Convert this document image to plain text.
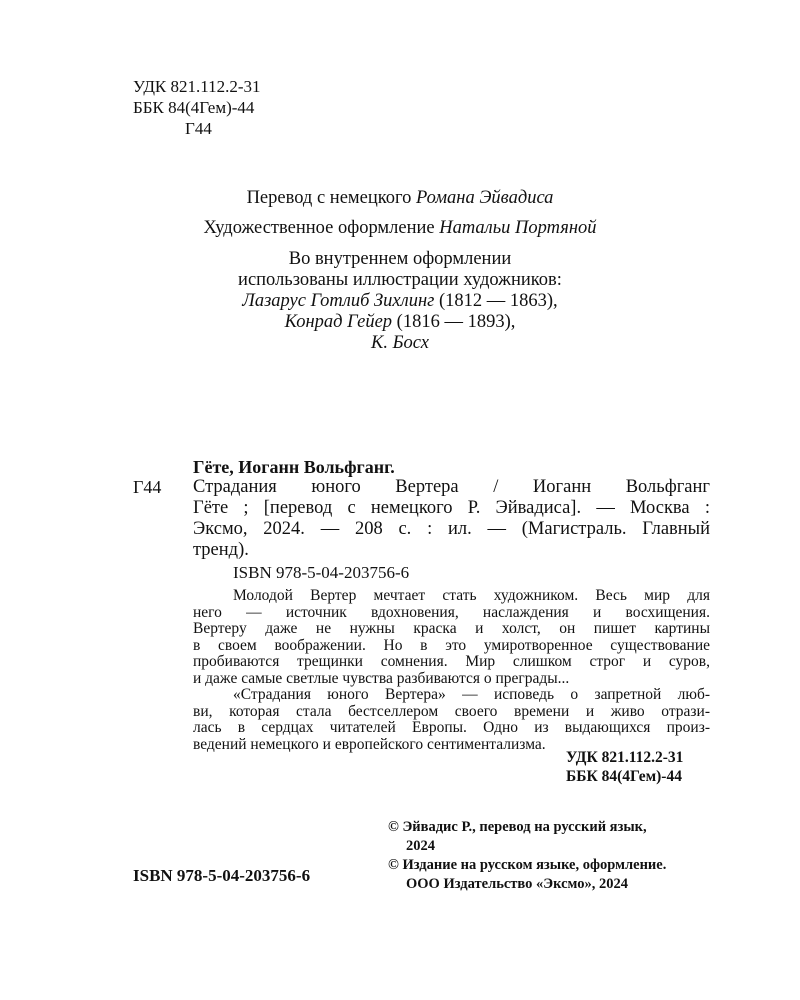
УДК 821.112.2-31
ББК 84(4Гем)-44
Г44
Перевод с немецкого Романа Эйвадиса
Художественное оформление Натальи Портяной
Во внутреннем оформлении
использованы иллюстрации художников:
Лазарус Готлиб Зихлинг (1812 — 1863),
Конрад Гейер (1816 — 1893),
К. Босх
Гёте, Иоганн Вольфганг.
Г44 Страдания юного Вертера / Иоганн Вольфганг
Гёте ; [перевод с немецкого Р. Эйвадиса]. — Москва :
Эксмо, 2024. — 208 с. : ил. — (Магистраль. Главный
тренд).
ISBN 978-5-04-203756-6
Молодой Вертер мечтает стать художником. Весь мир для
него — источник вдохновения, наслаждения и восхищения.
Вертеру даже не нужны краска и холст, он пишет картины
в своем воображении. Но в это умиротворенное существование
пробиваются трещинки сомнения. Мир слишком строг и суров,
и даже самые светлые чувства разбиваются о преграды...
«Страдания юного Вертера» — исповедь о запретной люб-
ви, которая стала бестселлером своего времени и живо отрази-
лась в сердцах читателей Европы. Одно из выдающихся произ-
ведений немецкого и европейского сентиментализма.
УДК 821.112.2-31
ББК 84(4Гем)-44
© Эйвадис Р., перевод на русский язык,
2024
© Издание на русском языке, оформление.
ООО Издательство «Эксмо», 2024
ISBN 978-5-04-203756-6
